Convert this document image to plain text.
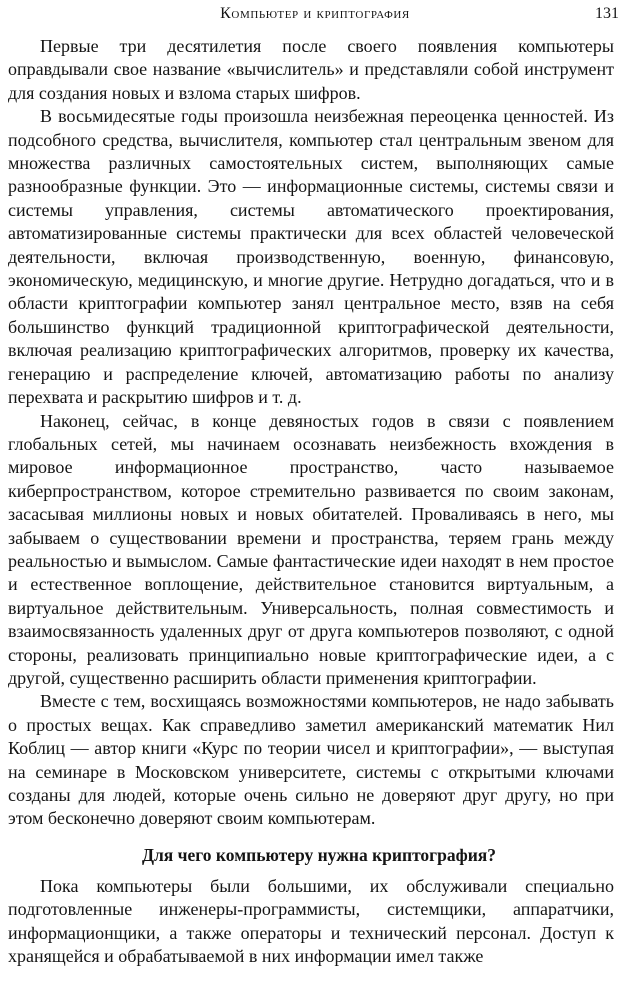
Компьютер и криптография	131

Первые три десятилетия после своего появления компьютеры оправдывали свое название «вычислитель» и представляли собой инструмент для создания новых и взлома старых шифров.

В восьмидесятые годы произошла неизбежная переоценка ценностей. Из подсобного средства, вычислителя, компьютер стал центральным звеном для множества различных самостоятельных систем, выполняющих самые разнообразные функции. Это — информационные системы, системы связи и системы управления, системы автоматического проектирования, автоматизированные системы практически для всех областей человеческой деятельности, включая производственную, военную, финансовую, экономическую, медицинскую, и многие другие. Нетрудно догадаться, что и в области криптографии компьютер занял центральное место, взяв на себя большинство функций традиционной криптографической деятельности, включая реализацию криптографических алгоритмов, проверку их качества, генерацию и распределение ключей, автоматизацию работы по анализу перехвата и раскрытию шифров и т. д.

Наконец, сейчас, в конце девяностых годов в связи с появлением глобальных сетей, мы начинаем осознавать неизбежность вхождения в мировое информационное пространство, часто называемое киберпространством, которое стремительно развивается по своим законам, засасывая миллионы новых и новых обитателей. Проваливаясь в него, мы забываем о существовании времени и пространства, теряем грань между реальностью и вымыслом. Самые фантастические идеи находят в нем простое и естественное воплощение, действительное становится виртуальным, а виртуальное действительным. Универсальность, полная совместимость и взаимосвязанность удаленных друг от друга компьютеров позволяют, с одной стороны, реализовать принципиально новые криптографические идеи, а с другой, существенно расширить области применения криптографии.

Вместе с тем, восхищаясь возможностями компьютеров, не надо забывать о простых вещах. Как справедливо заметил американский математик Нил Коблиц — автор книги «Курс по теории чисел и криптографии», — выступая на семинаре в Московском университете, системы с открытыми ключами созданы для людей, которые очень сильно не доверяют друг другу, но при этом бесконечно доверяют своим компьютерам.

Для чего компьютеру нужна криптография?

Пока компьютеры были большими, их обслуживали специально подготовленные инженеры-программисты, системщики, аппаратчики, информационщики, а также операторы и технический персонал. Доступ к хранящейся и обрабатываемой в них информации имел также
